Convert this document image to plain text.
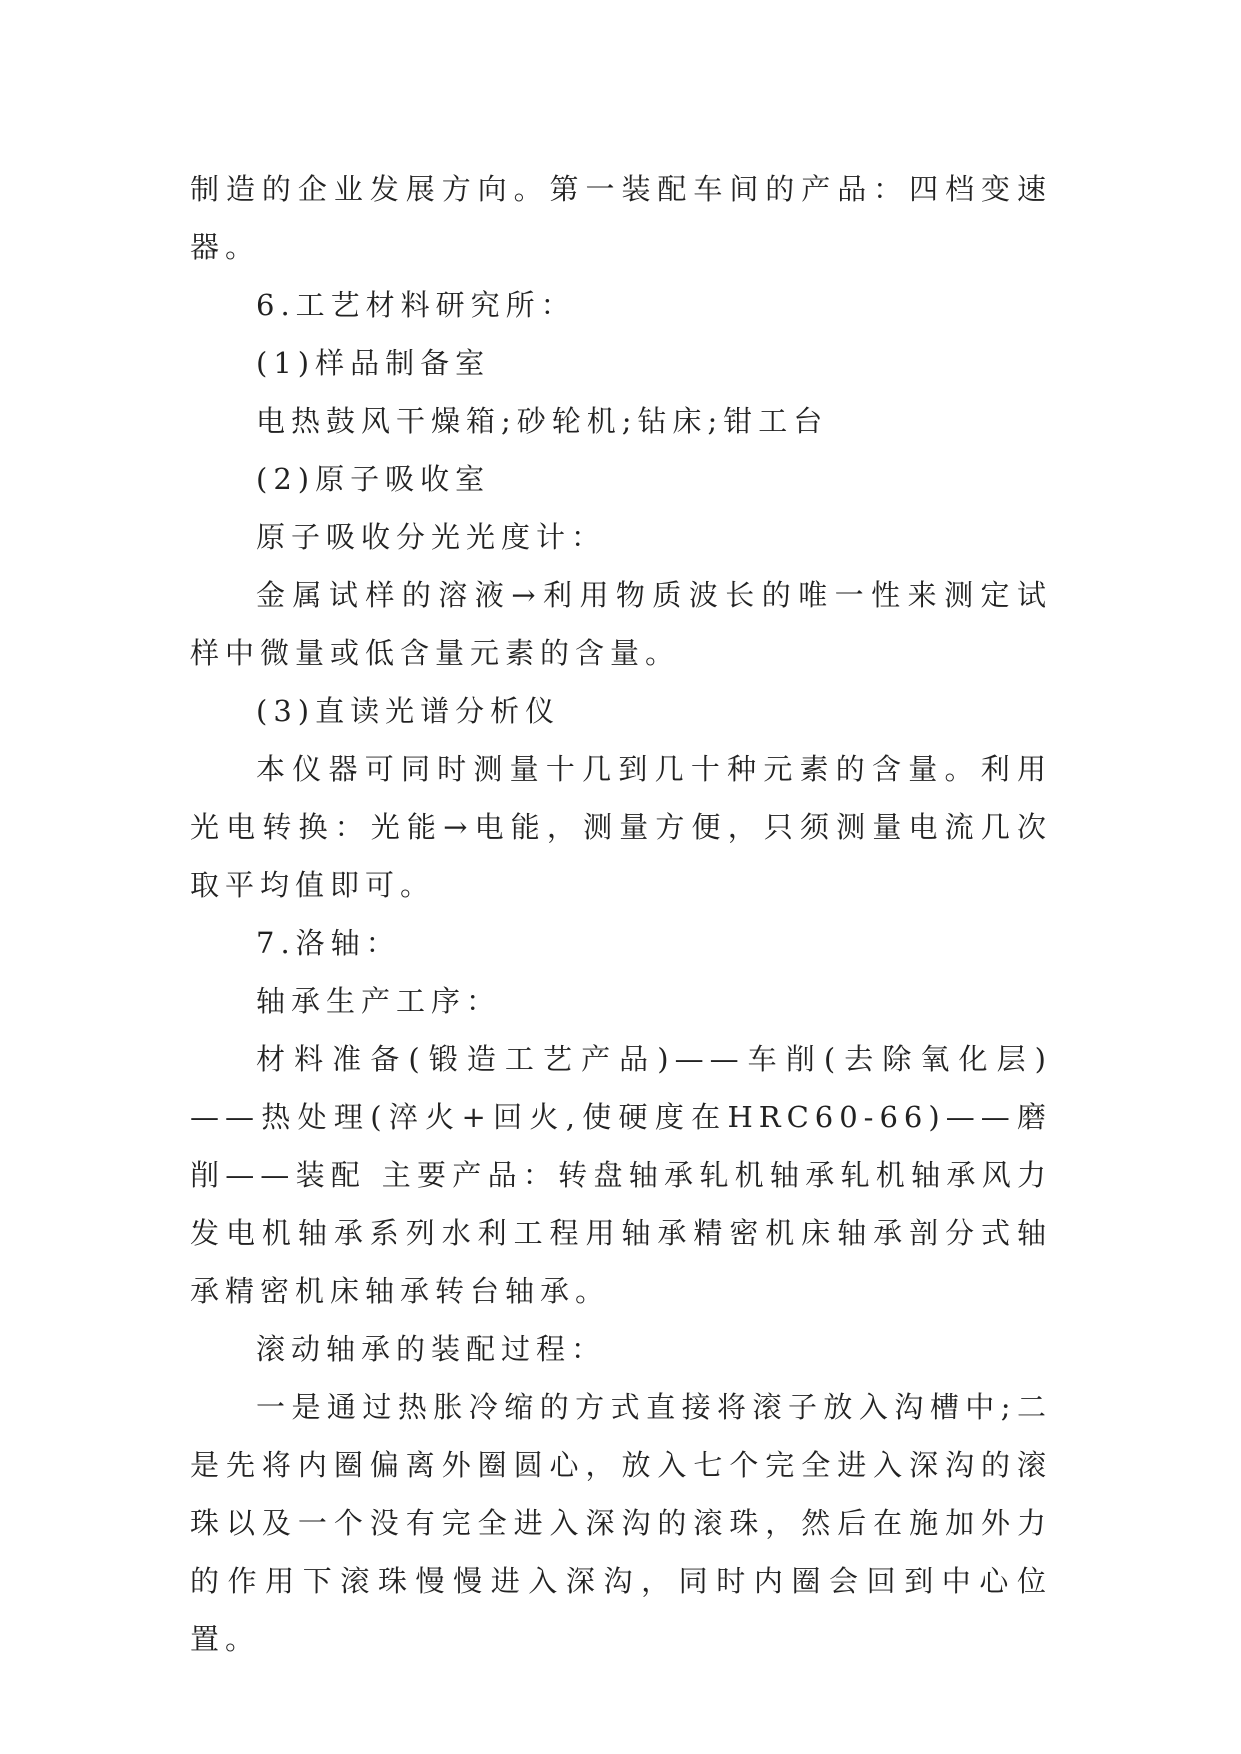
制造的企业发展方向。第一装配车间的产品：四档变速器。

6.工艺材料研究所：

(1)样品制备室

电热鼓风干燥箱;砂轮机;钻床;钳工台

(2)原子吸收室

原子吸收分光光度计：

金属试样的溶液→利用物质波长的唯一性来测定试样中微量或低含量元素的含量。

(3)直读光谱分析仪

本仪器可同时测量十几到几十种元素的含量。利用光电转换：光能→电能，测量方便，只须测量电流几次取平均值即可。

7.洛轴：

轴承生产工序：

材料准备(锻造工艺产品)——车削(去除氧化层)——热处理(淬火+回火,使硬度在HRC60-66)——磨削——装配 主要产品：转盘轴承轧机轴承轧机轴承风力发电机轴承系列水利工程用轴承精密机床轴承剖分式轴承精密机床轴承转台轴承。

滚动轴承的装配过程：

一是通过热胀冷缩的方式直接将滚子放入沟槽中;二是先将内圈偏离外圈圆心，放入七个完全进入深沟的滚珠以及一个没有完全进入深沟的滚珠，然后在施加外力的作用下滚珠慢慢进入深沟，同时内圈会回到中心位置。
